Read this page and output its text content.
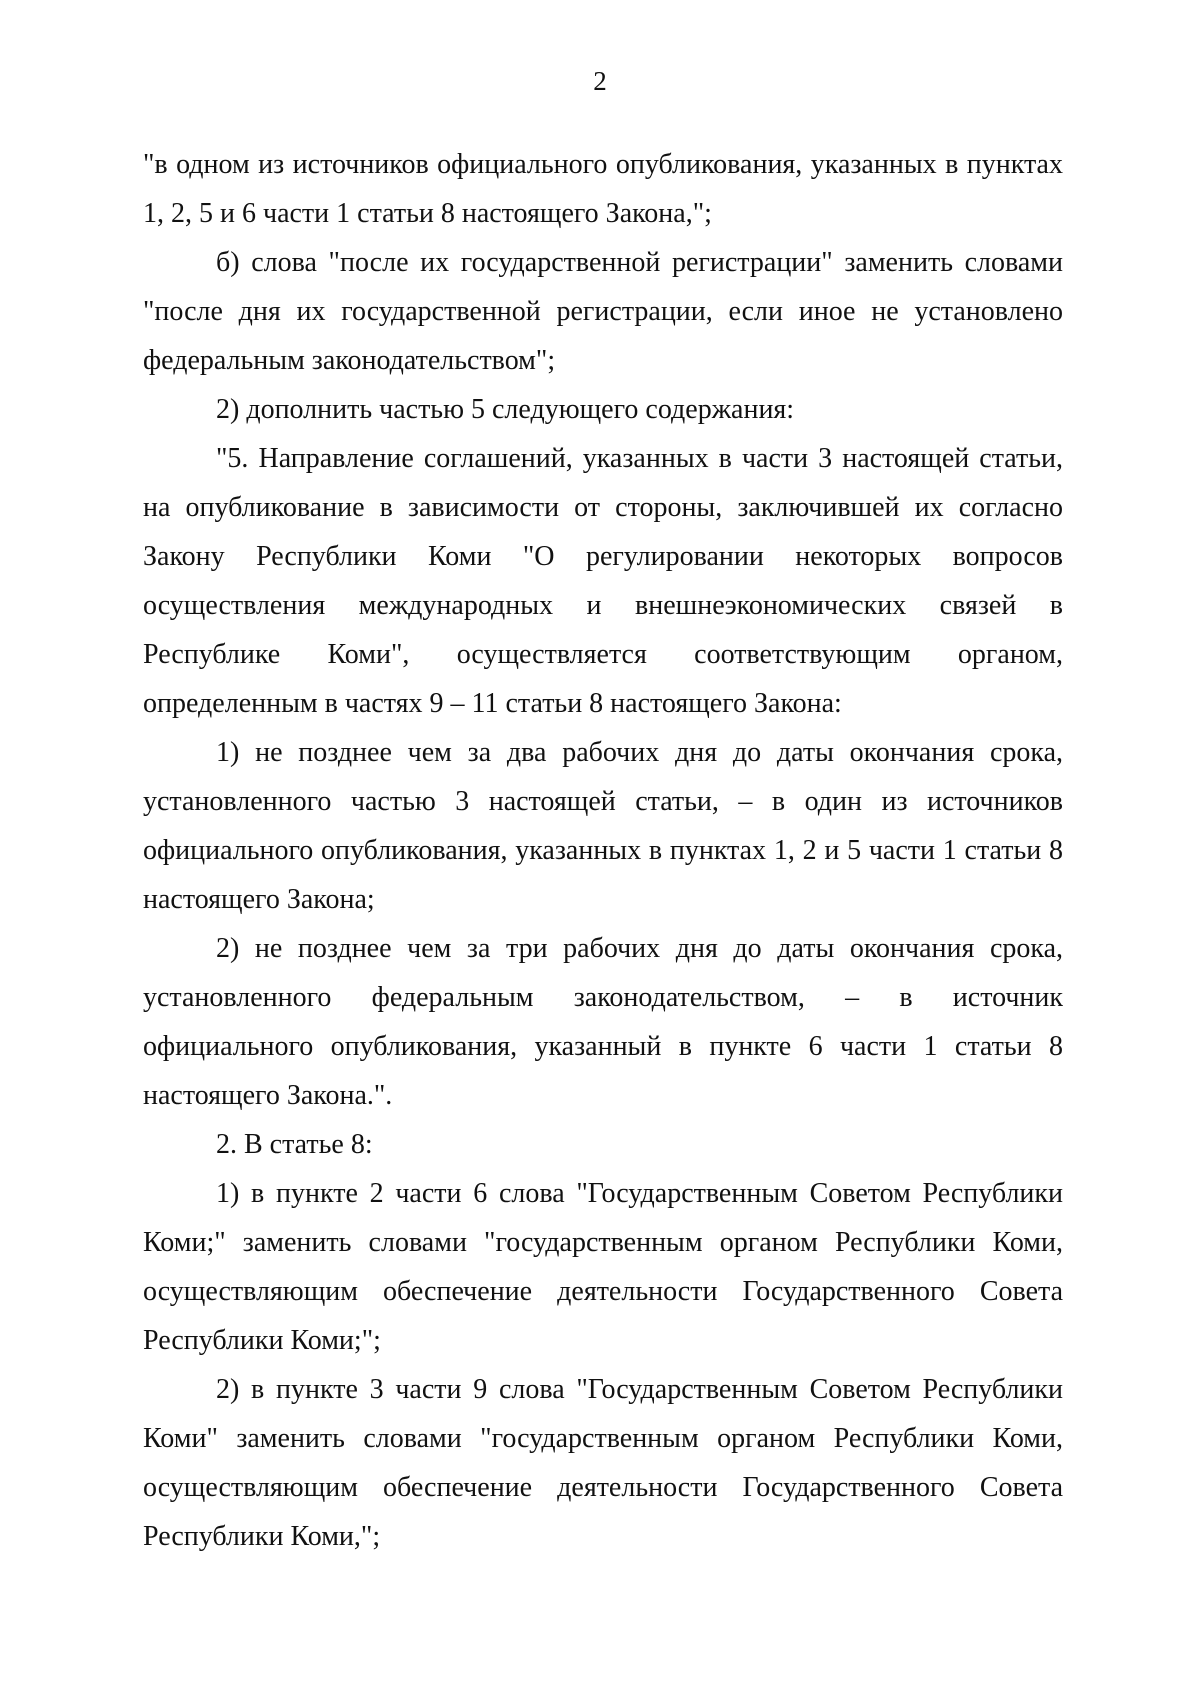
2

"в одном из источников официального опубликования, указанных в пунктах 1, 2, 5 и 6 части 1 статьи 8 настоящего Закона,";

б) слова "после их государственной регистрации" заменить словами "после дня их государственной регистрации, если иное не установлено федеральным законодательством";

2) дополнить частью 5 следующего содержания:

"5. Направление соглашений, указанных в части 3 настоящей статьи, на опубликование в зависимости от стороны, заключившей их согласно Закону Республики Коми "О регулировании некоторых вопросов осуществления международных и внешнеэкономических связей в Республике Коми", осуществляется соответствующим органом, определенным в частях 9 – 11 статьи 8 настоящего Закона:

1) не позднее чем за два рабочих дня до даты окончания срока, установленного частью 3 настоящей статьи, – в один из источников официального опубликования, указанных в пунктах 1, 2 и 5 части 1 статьи 8 настоящего Закона;

2) не позднее чем за три рабочих дня до даты окончания срока, установленного федеральным законодательством, – в источник официального опубликования, указанный в пункте 6 части 1 статьи 8 настоящего Закона.".

2. В статье 8:

1) в пункте 2 части 6 слова "Государственным Советом Республики Коми;" заменить словами "государственным органом Республики Коми, осуществляющим обеспечение деятельности Государственного Совета Республики Коми;";

2) в пункте 3 части 9 слова "Государственным Советом Республики Коми" заменить словами "государственным органом Республики Коми, осуществляющим обеспечение деятельности Государственного Совета Республики Коми,";
